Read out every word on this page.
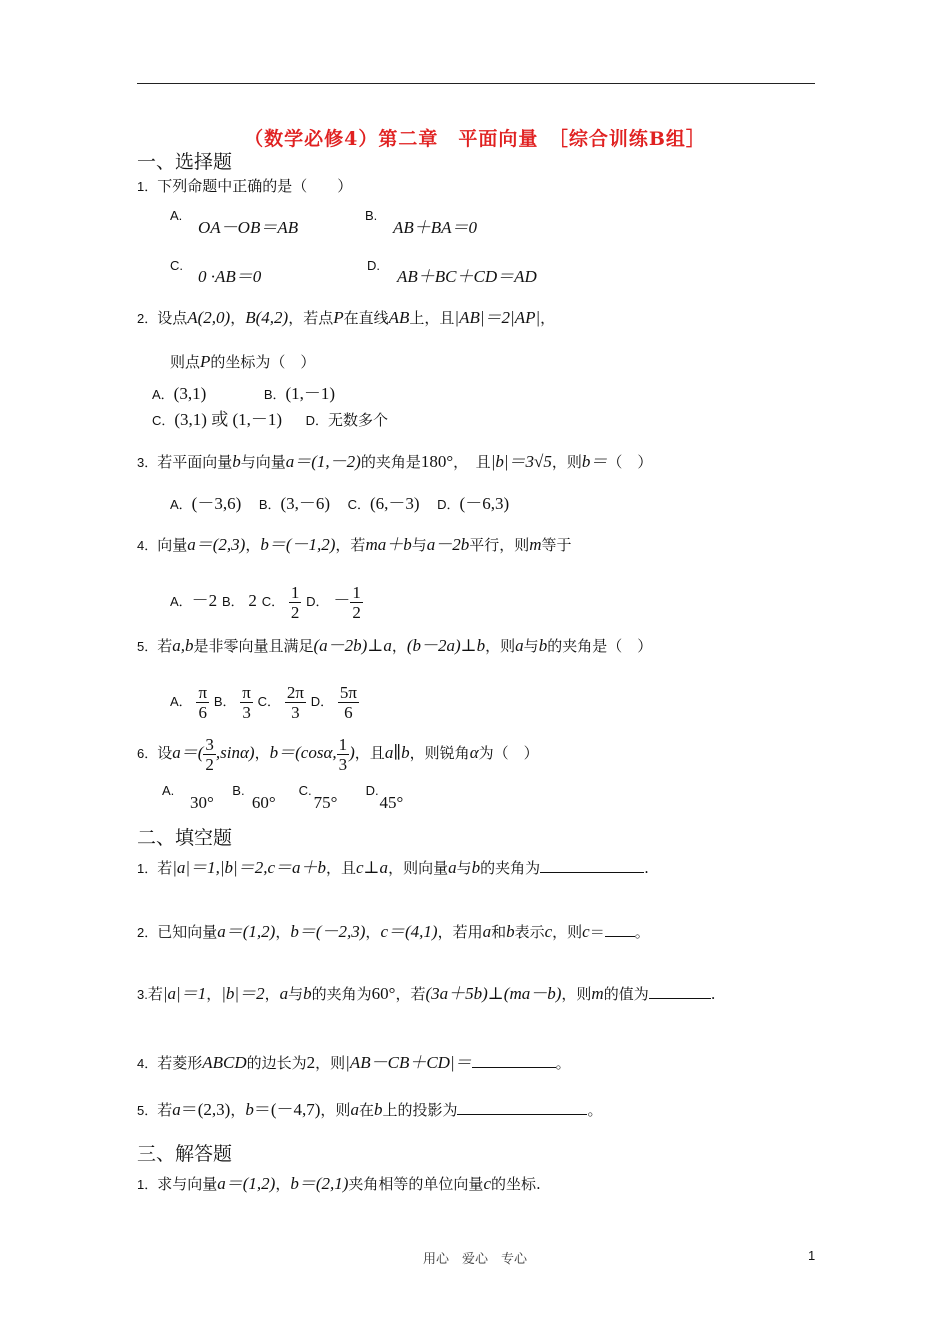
（数学必修4）第二章　平面向量　［综合训练B组］
一、选择题
1．下列命题中正确的是（　　）
A.
OA－OB＝AB
B.
AB＋BA＝0
C.
0 ·AB＝0
D.
AB＋BC＋CD＝AD
2．设点A(2,0)，B(4,2)，若点P在直线AB上，且|AB|＝2|AP|，
则点P的坐标为（　）
A．(3,1)	B．(1,－1)
C．(3,1) 或 (1,－1) D．无数多个
3．若平面向量b与向量a＝(1,－2)的夹角是180°，　且|b|＝3√5，则b＝（　）
A．(－3,6) B．(3,－6) C．(6,－3) D．(－6,3)
4．向量a＝(2,3)，b＝(－1,2)，若ma＋b与a－2b平行，则m等于
A．－2 B． 2 C． $\frac{1}{2}$ D． － $\frac{1}{2}$
5．若a,b是非零向量且满足(a－2b)⊥a，(b－2a)⊥b，则a与b的夹角是（　）
A． $\frac{\pi}{6}$ B． $\frac{\pi}{3}$ C． $\frac{2\pi}{3}$ D． $\frac{5\pi}{6}$
6．设$a=( \frac{3}{2} ,\sin\alpha)$，b＝(cosα, $\frac{1}{3}$ )，且a∥b，则锐角α为（　）
A.	B.	C.	D.
30° 60° 75° 45°
二、填空题
1．若|a|＝1,|b|＝2,c＝a＋b，且c⊥a，则向量a与b的夹角为	.
2．已知向量a＝(1,2)，b＝(－2,3)，c＝(4,1)，若用a和b表示c，则c＝ 。
3.若|a|＝1，|b|＝2，a与b的夹角为60°，若(3a＋5b)⊥(ma－b)，则m的值为	.
4．若菱形ABCD的边长为2，则|AB－CB＋CD|＝	。
5．若a＝(2,3)，b＝(－4,7)，则a在b上的投影为	。
三、解答题
1．求与向量a＝(1,2)，b＝(2,1)夹角相等的单位向量c的坐标.
用心　爱心　专心	1
